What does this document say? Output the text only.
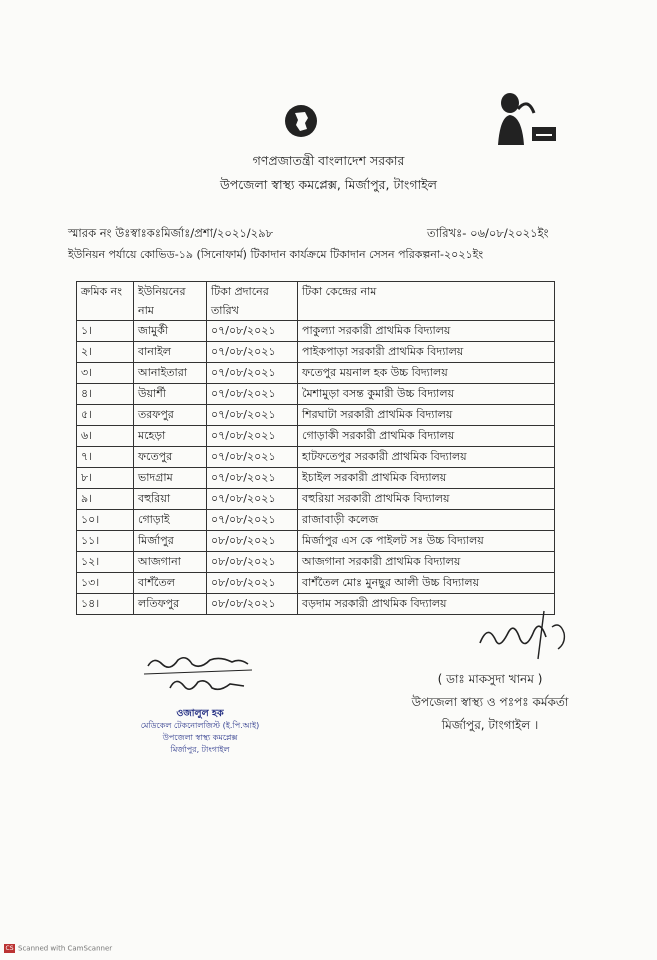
গণপ্রজাতন্ত্রী বাংলাদেশ সরকার
উপজেলা স্বাস্থ্য কমপ্লেক্স, মির্জাপুর, টাংগাইল
স্মারক নং উঃস্বাঃকঃমির্জাঃ/প্রশা/২০২১/২৯৮	তারিখঃ- ০৬/০৮/২০২১ইং
ইউনিয়ন পর্যায়ে কোভিড-১৯ (সিনোফার্ম) টিকাদান কার্যক্রমে টিকাদান সেসন পরিকল্পনা-২০২১ইং
ক্রমিক নং	ইউনিয়নের নাম	টিকা প্রদানের তারিখ	টিকা কেন্দ্রের নাম
১।	জামুর্কী	০৭/০৮/২০২১	পাকুল্যা সরকারী প্রাথমিক বিদ্যালয়
২।	বানাইল	০৭/০৮/২০২১	পাইকপাড়া সরকারী প্রাথমিক বিদ্যালয়
৩।	আনাইতারা	০৭/০৮/২০২১	ফতেপুর ময়নাল হক উচ্চ বিদ্যালয়
৪।	উয়ার্শী	০৭/০৮/২০২১	মৈশামুড়া বসন্ত কুমারী উচ্চ বিদ্যালয়
৫।	তরফপুর	০৭/০৮/২০২১	শিরঘাটা সরকারী প্রাথমিক বিদ্যালয়
৬।	মহেড়া	০৭/০৮/২০২১	গোড়াকী সরকারী প্রাথমিক বিদ্যালয়
৭।	ফতেপুর	০৭/০৮/২০২১	হাটফতেপুর সরকারী প্রাথমিক বিদ্যালয়
৮।	ভাদগ্রাম	০৭/০৮/২০২১	ইচাইল সরকারী প্রাথমিক বিদ্যালয়
৯।	বহুরিয়া	০৭/০৮/২০২১	বহুরিয়া সরকারী প্রাথমিক বিদ্যালয়
১০।	গোড়াই	০৭/০৮/২০২১	রাজাবাড়ী কলেজ
১১।	মির্জাপুর	০৮/০৮/২০২১	মির্জাপুর এস কে পাইলট সঃ উচ্চ বিদ্যালয়
১২।	আজগানা	০৮/০৮/২০২১	আজগানা সরকারী প্রাথমিক বিদ্যালয়
১৩।	বাশঁতৈল	০৮/০৮/২০২১	বাশঁতৈল মোঃ মুনছুর আলী উচ্চ বিদ্যালয়
১৪।	লতিফপুর	০৮/০৮/২০২১	বড়দাম সরকারী প্রাথমিক বিদ্যালয়
ওজালুল হক
মেডিকেল টেকনোলজিস্ট (ই.পি.আই)
উপজেলা স্বাস্থ্য কমপ্লেক্স
মির্জাপুর, টাংগাইল
( ডাঃ মাকসুদা খানম )
উপজেলা স্বাস্থ্য ও পঃপঃ কর্মকর্তা
মির্জাপুর, টাংগাইল ।
CS Scanned with CamScanner
